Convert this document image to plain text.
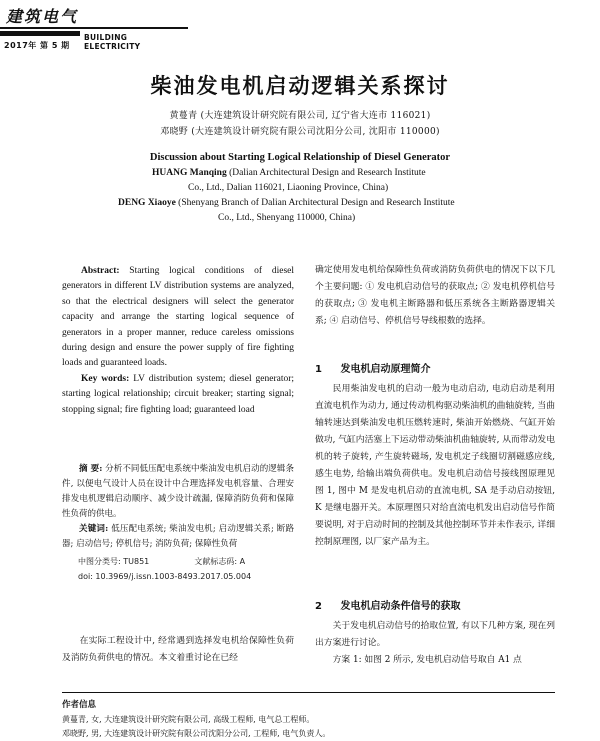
建筑电气
2017年 第 5 期
BUILDING
ELECTRICITY
柴油发电机启动逻辑关系探讨
黄蔓青 (大连建筑设计研究院有限公司, 辽宁省大连市 116021)
邓晓野 (大连建筑设计研究院有限公司沈阳分公司, 沈阳市 110000)
Discussion about Starting Logical Relationship of Diesel Generator
HUANG Manqing (Dalian Architectural Design and Research Institute
Co., Ltd., Dalian 116021, Liaoning Province, China)
DENG Xiaoye (Shenyang Branch of Dalian Architectural Design and Research Institute
Co., Ltd., Shenyang 110000, China)

Abstract: Starting logical conditions of diesel generators in different LV distribution systems are analyzed, so that the electrical designers will select the generator capacity and arrange the starting logical sequence of generators in a proper manner, reduce careless omissions during design and ensure the power supply of fire fighting loads and guaranteed loads.

Key words: LV distribution system; diesel generator; starting logical relationship; circuit breaker; starting signal; stopping signal; fire fighting load; guaranteed load

摘 要: 分析不同低压配电系统中柴油发电机启动的逻辑条件, 以便电气设计人员在设计中合理选择发电机容量、合理安排发电机逻辑启动顺序、减少设计疏漏, 保障消防负荷和保障性负荷的供电。

关键词: 低压配电系统; 柴油发电机; 启动逻辑关系; 断路器; 启动信号; 停机信号; 消防负荷; 保障性负荷

中图分类号: TU851	文献标志码: A

doi: 10.3969/j.issn.1003-8493.2017.05.004

在实际工程设计中, 经常遇到选择发电机给保障性负荷及消防负荷供电的情况。本文着重讨论在已经
确定使用发电机给保障性负荷或消防负荷供电的情况下以下几个主要问题: ① 发电机启动信号的获取点; ② 发电机停机信号的获取点; ③ 发电机主断路器和低压系统各主断路器逻辑关系; ④ 启动信号、停机信号导线根数的选择。
1 发电机启动原理简介
民用柴油发电机的启动一般为电动启动, 电动启动是利用直流电机作为动力, 通过传动机构驱动柴油机的曲轴旋转, 当曲轴转速达到柴油发电机压燃转速时, 柴油开始燃烧、气缸开始做功, 气缸内活塞上下运动带动柴油机曲轴旋转, 从而带动发电机的转子旋转, 产生旋转磁场, 发电机定子线圈切割磁感应线, 感生电势, 给输出端负荷供电。发电机启动信号接线图原理见图 1, 图中 M 是发电机启动的直流电机, SA 是手动启动按钮, K 是继电器开关。本原理图只对给直流电机发出启动信号作简要说明, 对于启动时间的控制及其他控制环节并未作表示, 详细控制原理图, 以厂家产品为主。
2 发电机启动条件信号的获取
关于发电机启动信号的拾取位置, 有以下几种方案, 现在列出方案进行讨论。
方案 1: 如图 2 所示, 发电机启动信号取自 A1 点
作者信息
黄蔓青, 女, 大连建筑设计研究院有限公司, 高级工程师, 电气总工程师。
邓晓野, 男, 大连建筑设计研究院有限公司沈阳分公司, 工程师, 电气负责人。
